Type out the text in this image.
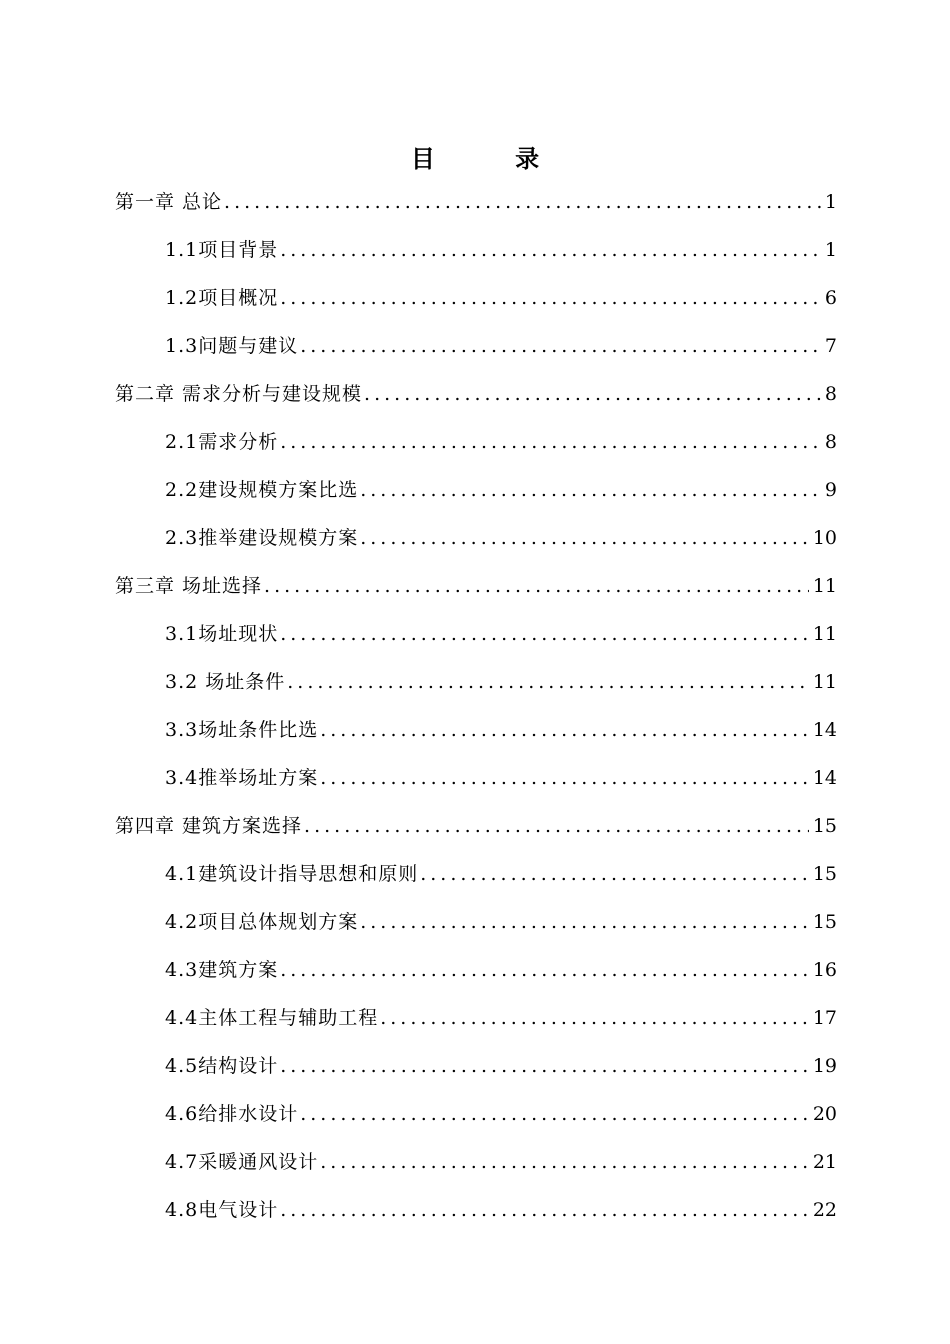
目 录
第一章 总论 .....	1
1.1项目背景 .....	1
1.2项目概况 .....	6
1.3问题与建议 .....	7
第二章 需求分析与建设规模 .....	8
2.1需求分析 .....	8
2.2建设规模方案比选 .....	9
2.3推举建设规模方案 .....	10
第三章 场址选择 .....	11
3.1场址现状 .....	11
3.2 场址条件 .....	11
3.3场址条件比选 .....	14
3.4推举场址方案 .....	14
第四章 建筑方案选择 .....	15
4.1建筑设计指导思想和原则 .....	15
4.2项目总体规划方案 .....	15
4.3建筑方案 .....	16
4.4主体工程与辅助工程 .....	17
4.5结构设计 .....	19
4.6给排水设计 .....	20
4.7采暖通风设计 .....	21
4.8电气设计 .....	22
